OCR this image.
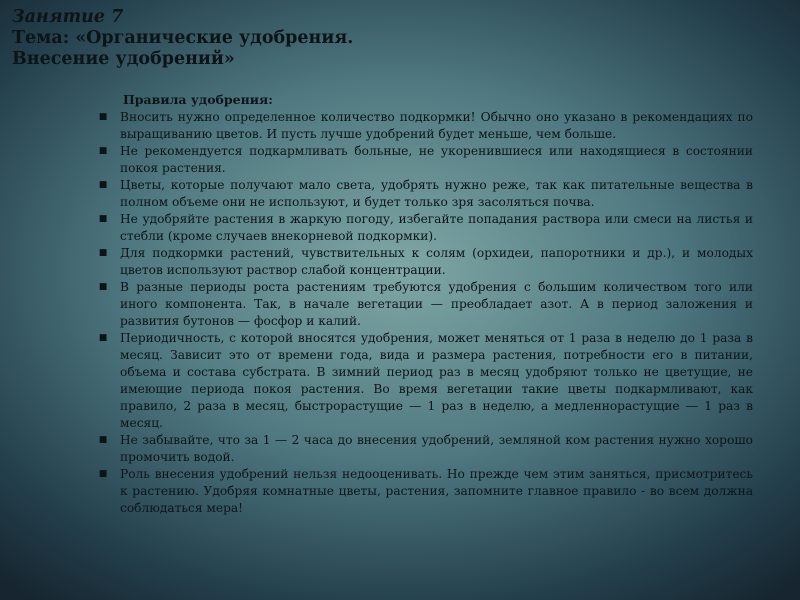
Занятие 7
Тема: «Органические удобрения.
Внесение удобрений»
Правила удобрения:
■ Вносить нужно определенное количество подкормки! Обычно оно указано в рекомендациях по выращиванию цветов. И пусть лучше удобрений будет меньше, чем больше.
■ Не рекомендуется подкармливать больные, не укоренившиеся или находящиеся в состоянии покоя растения.
■ Цветы, которые получают мало света, удобрять нужно реже, так как питательные вещества в полном объеме они не используют, и будет только зря засоляться почва.
■ Не удобряйте растения в жаркую погоду, избегайте попадания раствора или смеси на листья и стебли (кроме случаев внекорневой подкормки).
■ Для подкормки растений, чувствительных к солям (орхидеи, папоротники и др.), и молодых цветов используют раствор слабой концентрации.
■ В разные периоды роста растениям требуются удобрения с большим количеством того или иного компонента. Так, в начале вегетации — преобладает азот. А в период заложения и развития бутонов — фосфор и калий.
■ Периодичность, с которой вносятся удобрения, может меняться от 1 раза в неделю до 1 раза в месяц. Зависит это от времени года, вида и размера растения, потребности его в питании, объема и состава субстрата. В зимний период раз в месяц удобряют только не цветущие, не имеющие периода покоя растения. Во время вегетации такие цветы подкармливают, как правило, 2 раза в месяц, быстрорастущие — 1 раз в неделю, а медленнорастущие — 1 раз в месяц.
■ Не забывайте, что за 1 — 2 часа до внесения удобрений, земляной ком растения нужно хорошо промочить водой.
■ Роль внесения удобрений нельзя недооценивать. Но прежде чем этим заняться, присмотритесь к растению. Удобряя комнатные цветы, растения, запомните главное правило - во всем должна соблюдаться мера!
